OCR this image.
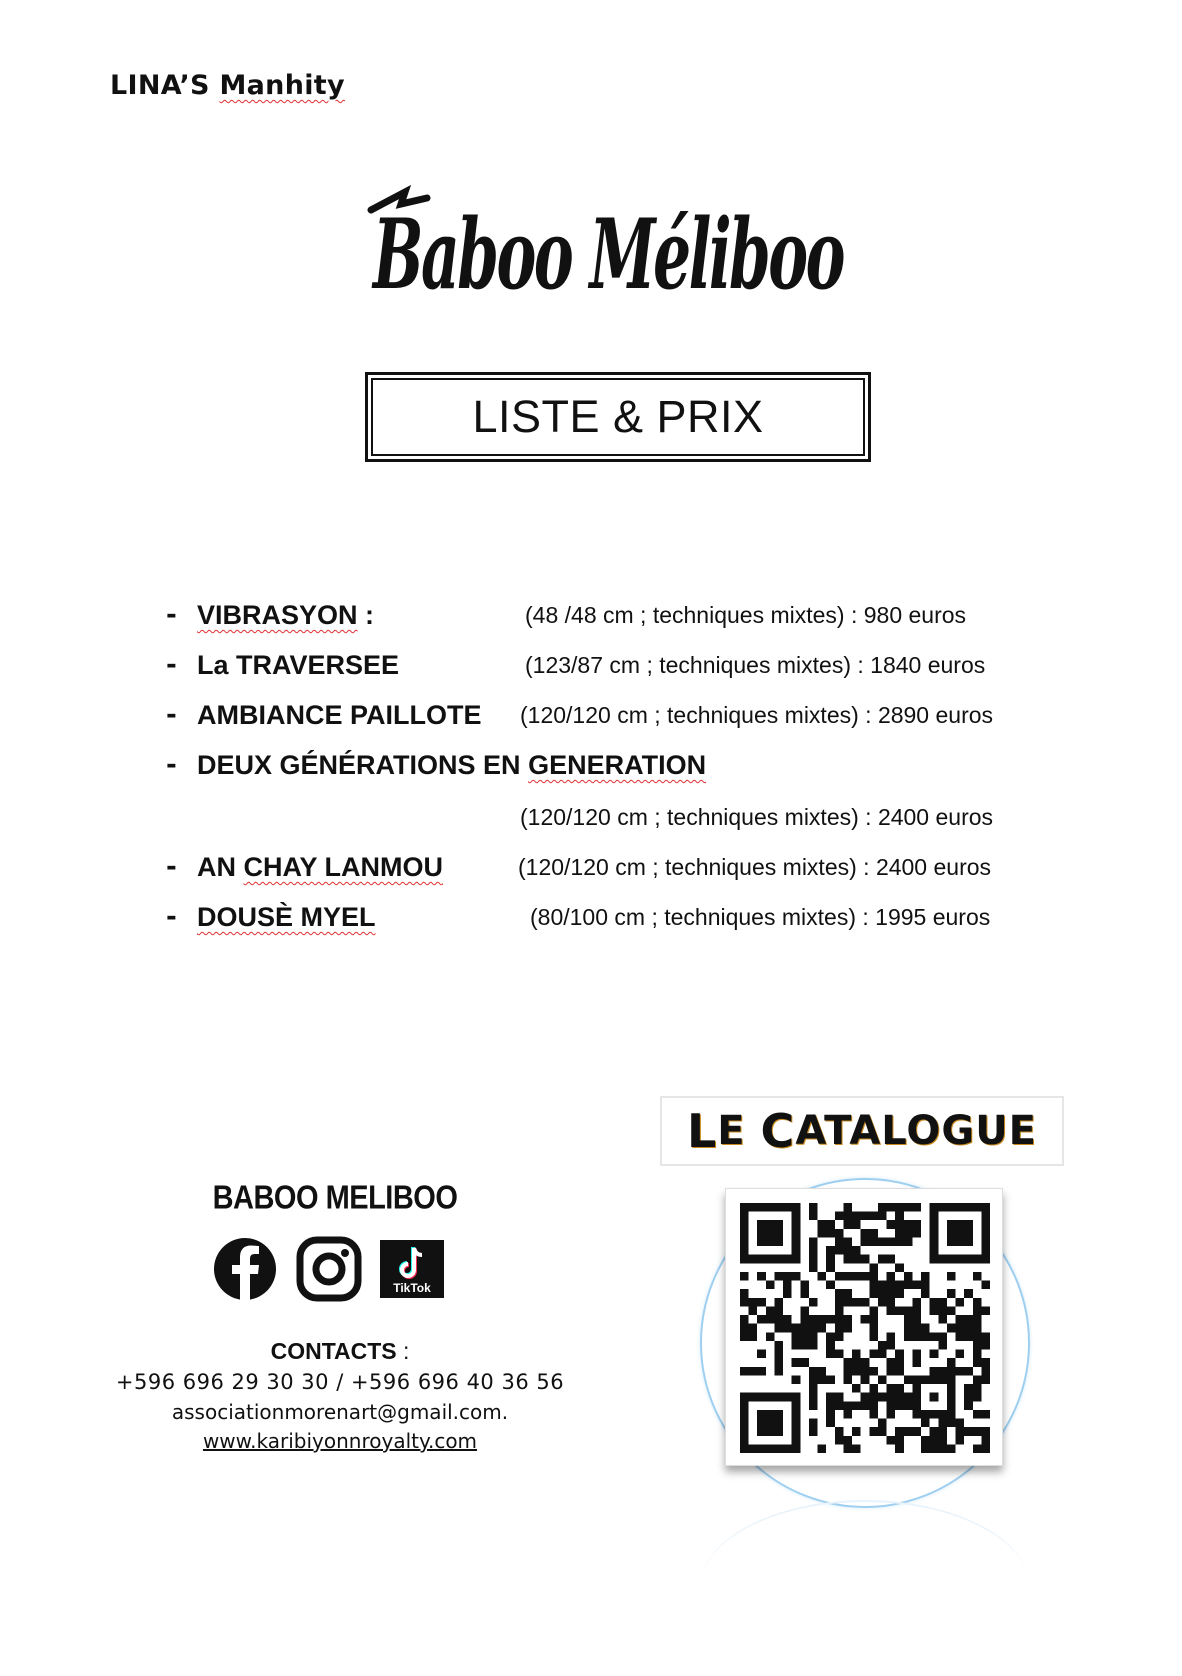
LINA’S Manhity
Baboo Méliboo
LISTE & PRIX
- VIBRASYON :	(48 /48 cm ; techniques mixtes) : 980 euros
- La TRAVERSEE	(123/87 cm ; techniques mixtes) : 1840 euros
- AMBIANCE PAILLOTE (120/120 cm ; techniques mixtes) : 2890 euros
- DEUX GÉNÉRATIONS EN GENERATION
(120/120 cm ; techniques mixtes) : 2400 euros
- AN CHAY LANMOU	(120/120 cm ; techniques mixtes) : 2400 euros
- DOUSÈ MYEL	(80/100 cm ; techniques mixtes) : 1995 euros
BABOO MELIBOO
TikTok
CONTACTS :
+596 696 29 30 30 / +596 696 40 36 56
associationmorenart@gmail.com.
www.karibiyonnroyalty.com
L E
C ATALOGUE
